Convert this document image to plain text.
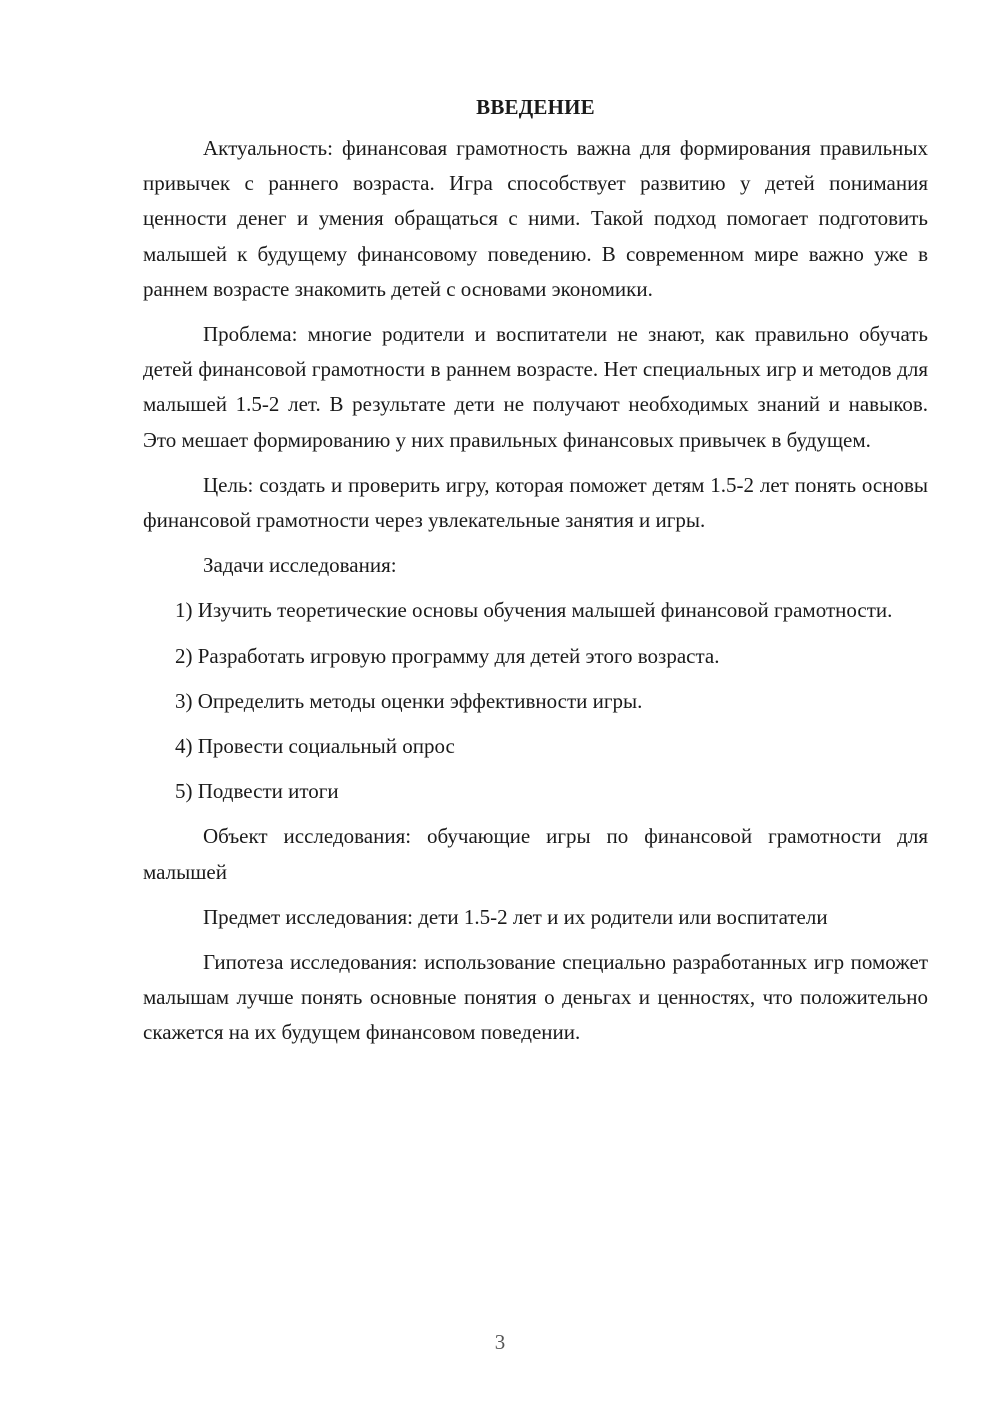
ВВЕДЕНИЕ

Актуальность: финансовая грамотность важна для формирования правильных привычек с раннего возраста. Игра способствует развитию у детей понимания ценности денег и умения обращаться с ними. Такой подход помогает подготовить малышей к будущему финансовому поведению. В современном мире важно уже в раннем возрасте знакомить детей с основами экономики.

Проблема: многие родители и воспитатели не знают, как правильно обучать детей финансовой грамотности в раннем возрасте. Нет специальных игр и методов для малышей 1.5-2 лет. В результате дети не получают необходимых знаний и навыков. Это мешает формированию у них правильных финансовых привычек в будущем.

Цель: создать и проверить игру, которая поможет детям 1.5-2 лет понять основы финансовой грамотности через увлекательные занятия и игры.

Задачи исследования:

1) Изучить теоретические основы обучения малышей финансовой грамотности.

2) Разработать игровую программу для детей этого возраста.

3) Определить методы оценки эффективности игры.

4) Провести социальный опрос

5) Подвести итоги

Объект исследования: обучающие игры по финансовой грамотности для малышей

Предмет исследования: дети 1.5-2 лет и их родители или воспитатели

Гипотеза исследования: использование специально разработанных игр поможет малышам лучше понять основные понятия о деньгах и ценностях, что положительно скажется на их будущем финансовом поведении.

3
